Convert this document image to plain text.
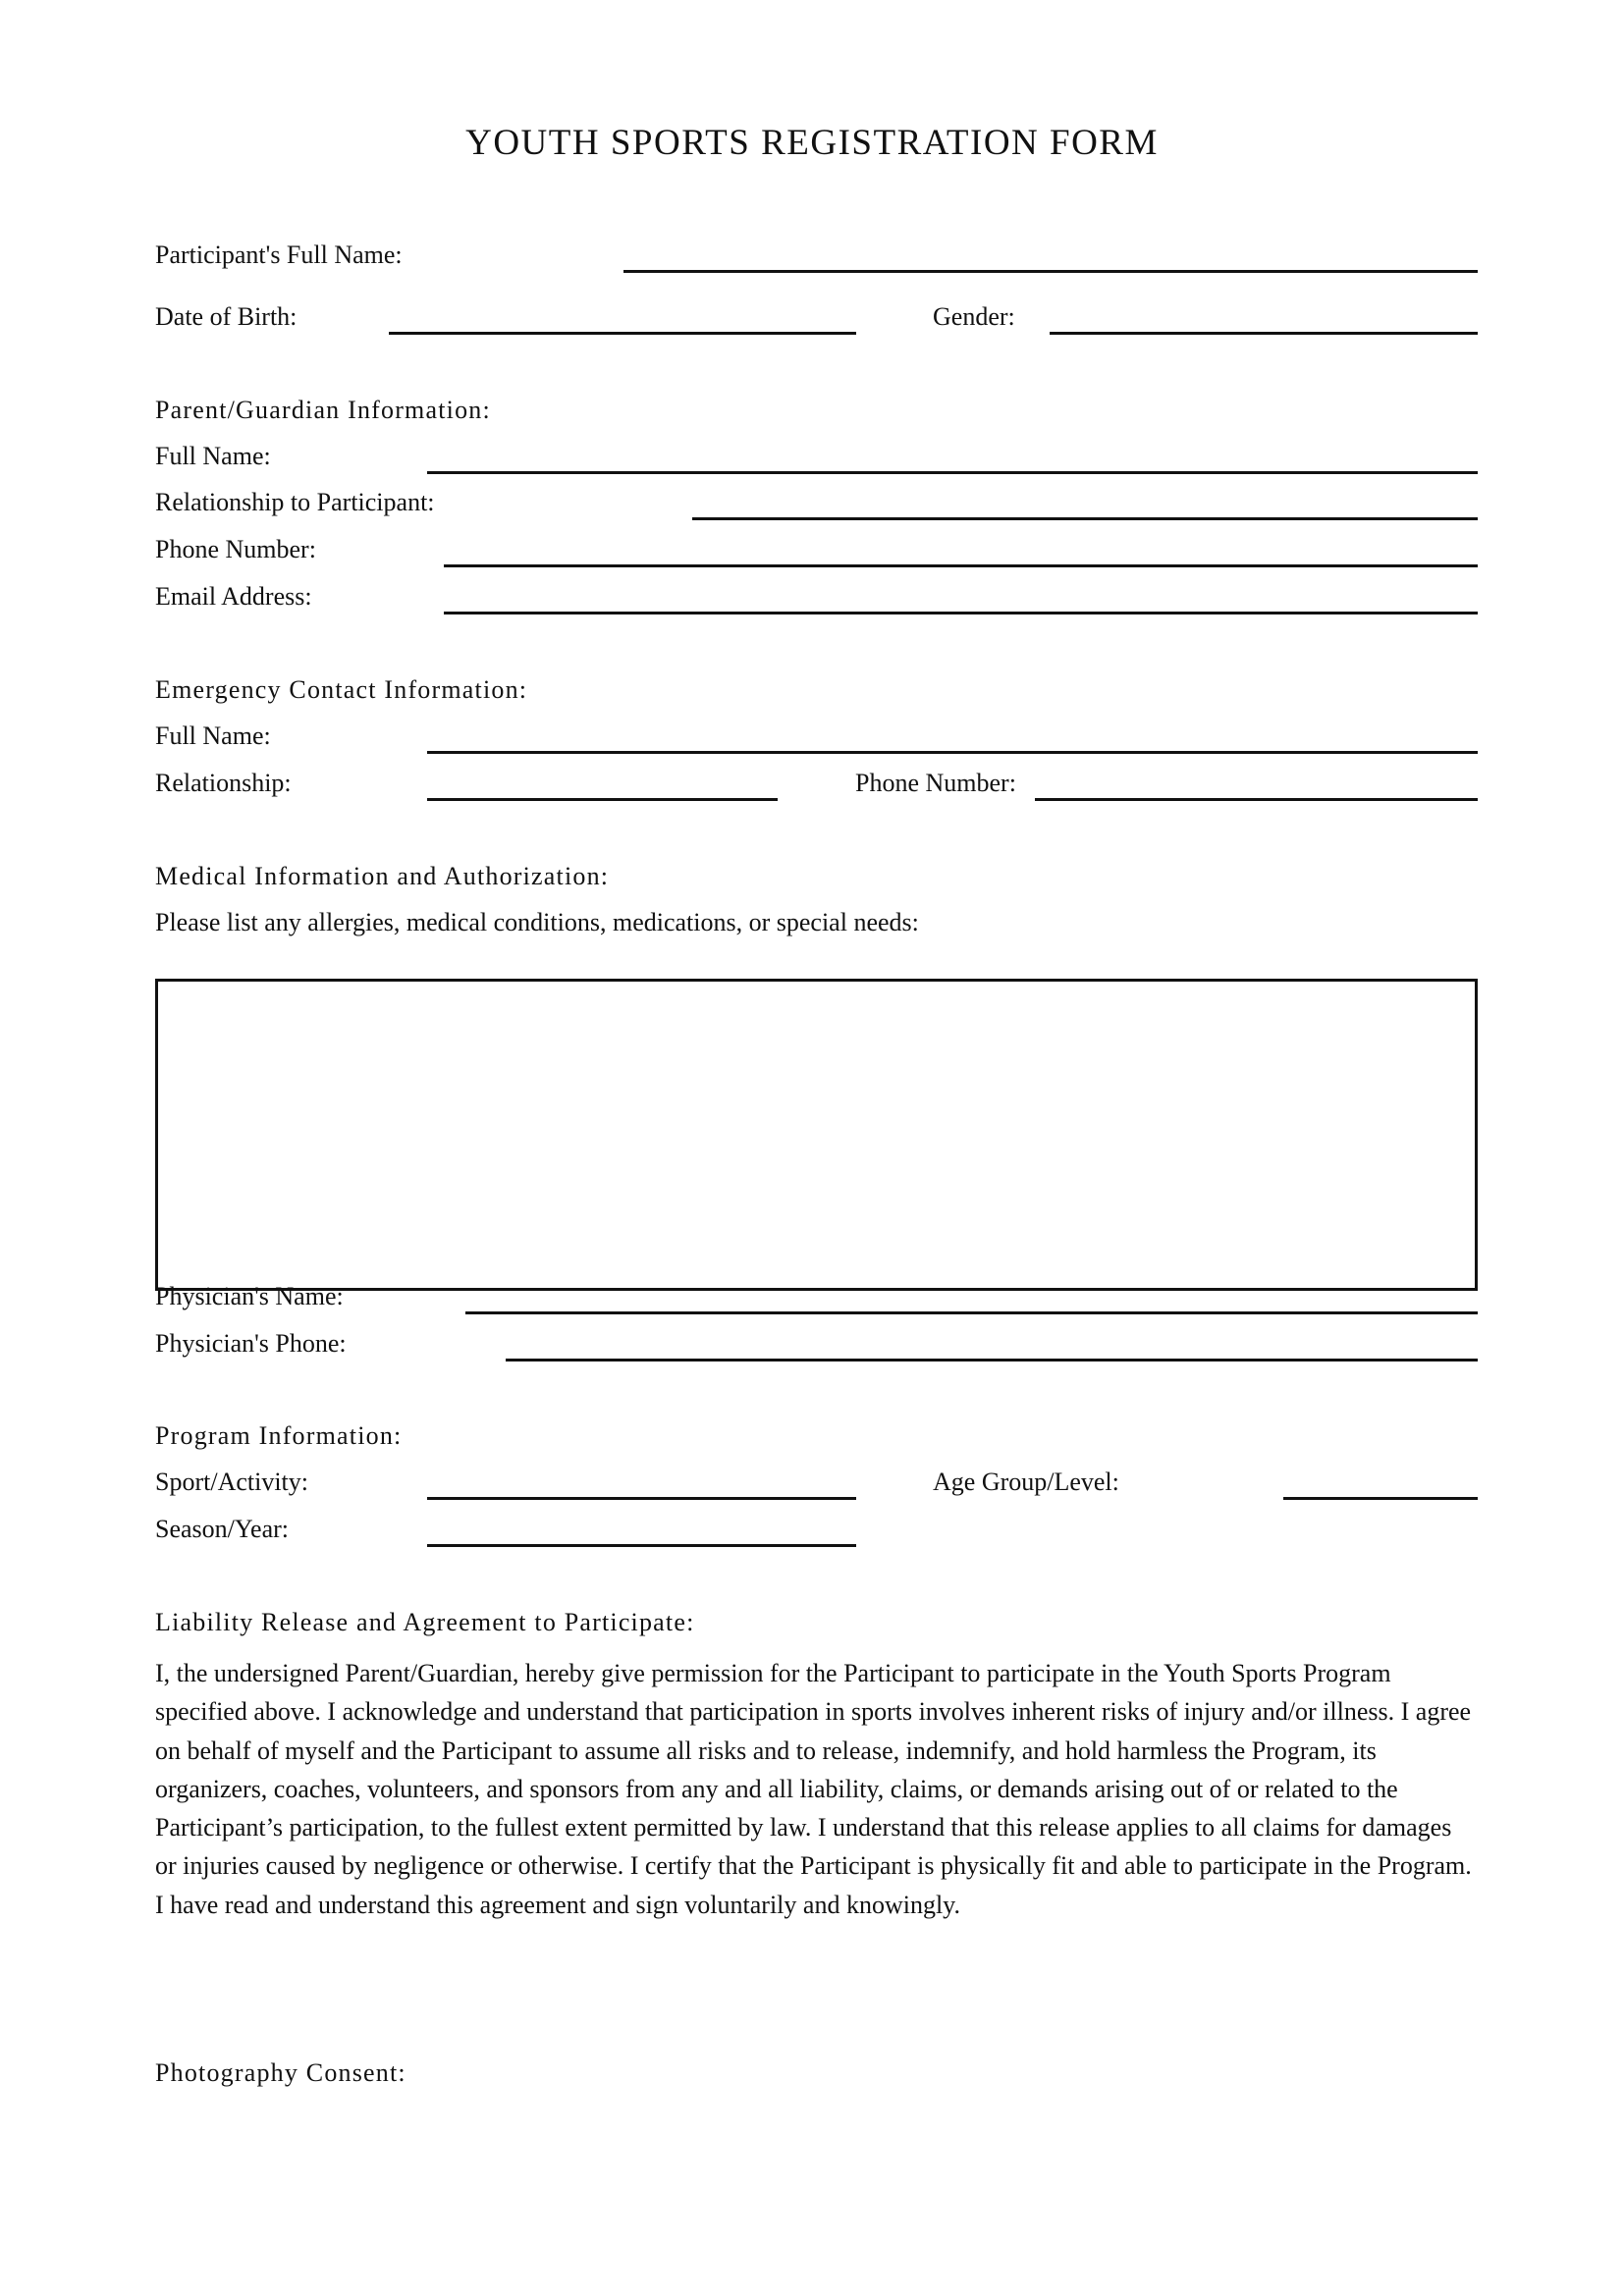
YOUTH SPORTS REGISTRATION FORM
Participant's Full Name:
Date of Birth:	Gender:
Parent/Guardian Information:
Full Name:
Relationship to Participant:
Phone Number:
Email Address:
Emergency Contact Information:
Full Name:
Relationship:	Phone Number:
Medical Information and Authorization:
Please list any allergies, medical conditions, medications, or special needs:
Physician's Name:
Physician's Phone:
Program Information:
Sport/Activity:	Age Group/Level:
Season/Year:
Liability Release and Agreement to Participate:
I, the undersigned Parent/Guardian, hereby give permission for the Participant to participate in the Youth Sports Program specified above. I acknowledge and understand that participation in sports involves inherent risks of injury and/or illness. I agree on behalf of myself and the Participant to assume all risks and to release, indemnify, and hold harmless the Program, its organizers, coaches, volunteers, and sponsors from any and all liability, claims, or demands arising out of or related to the Participant’s participation, to the fullest extent permitted by law. I understand that this release applies to all claims for damages or injuries caused by negligence or otherwise. I certify that the Participant is physically fit and able to participate in the Program. I have read and understand this agreement and sign voluntarily and knowingly.
Photography Consent:
